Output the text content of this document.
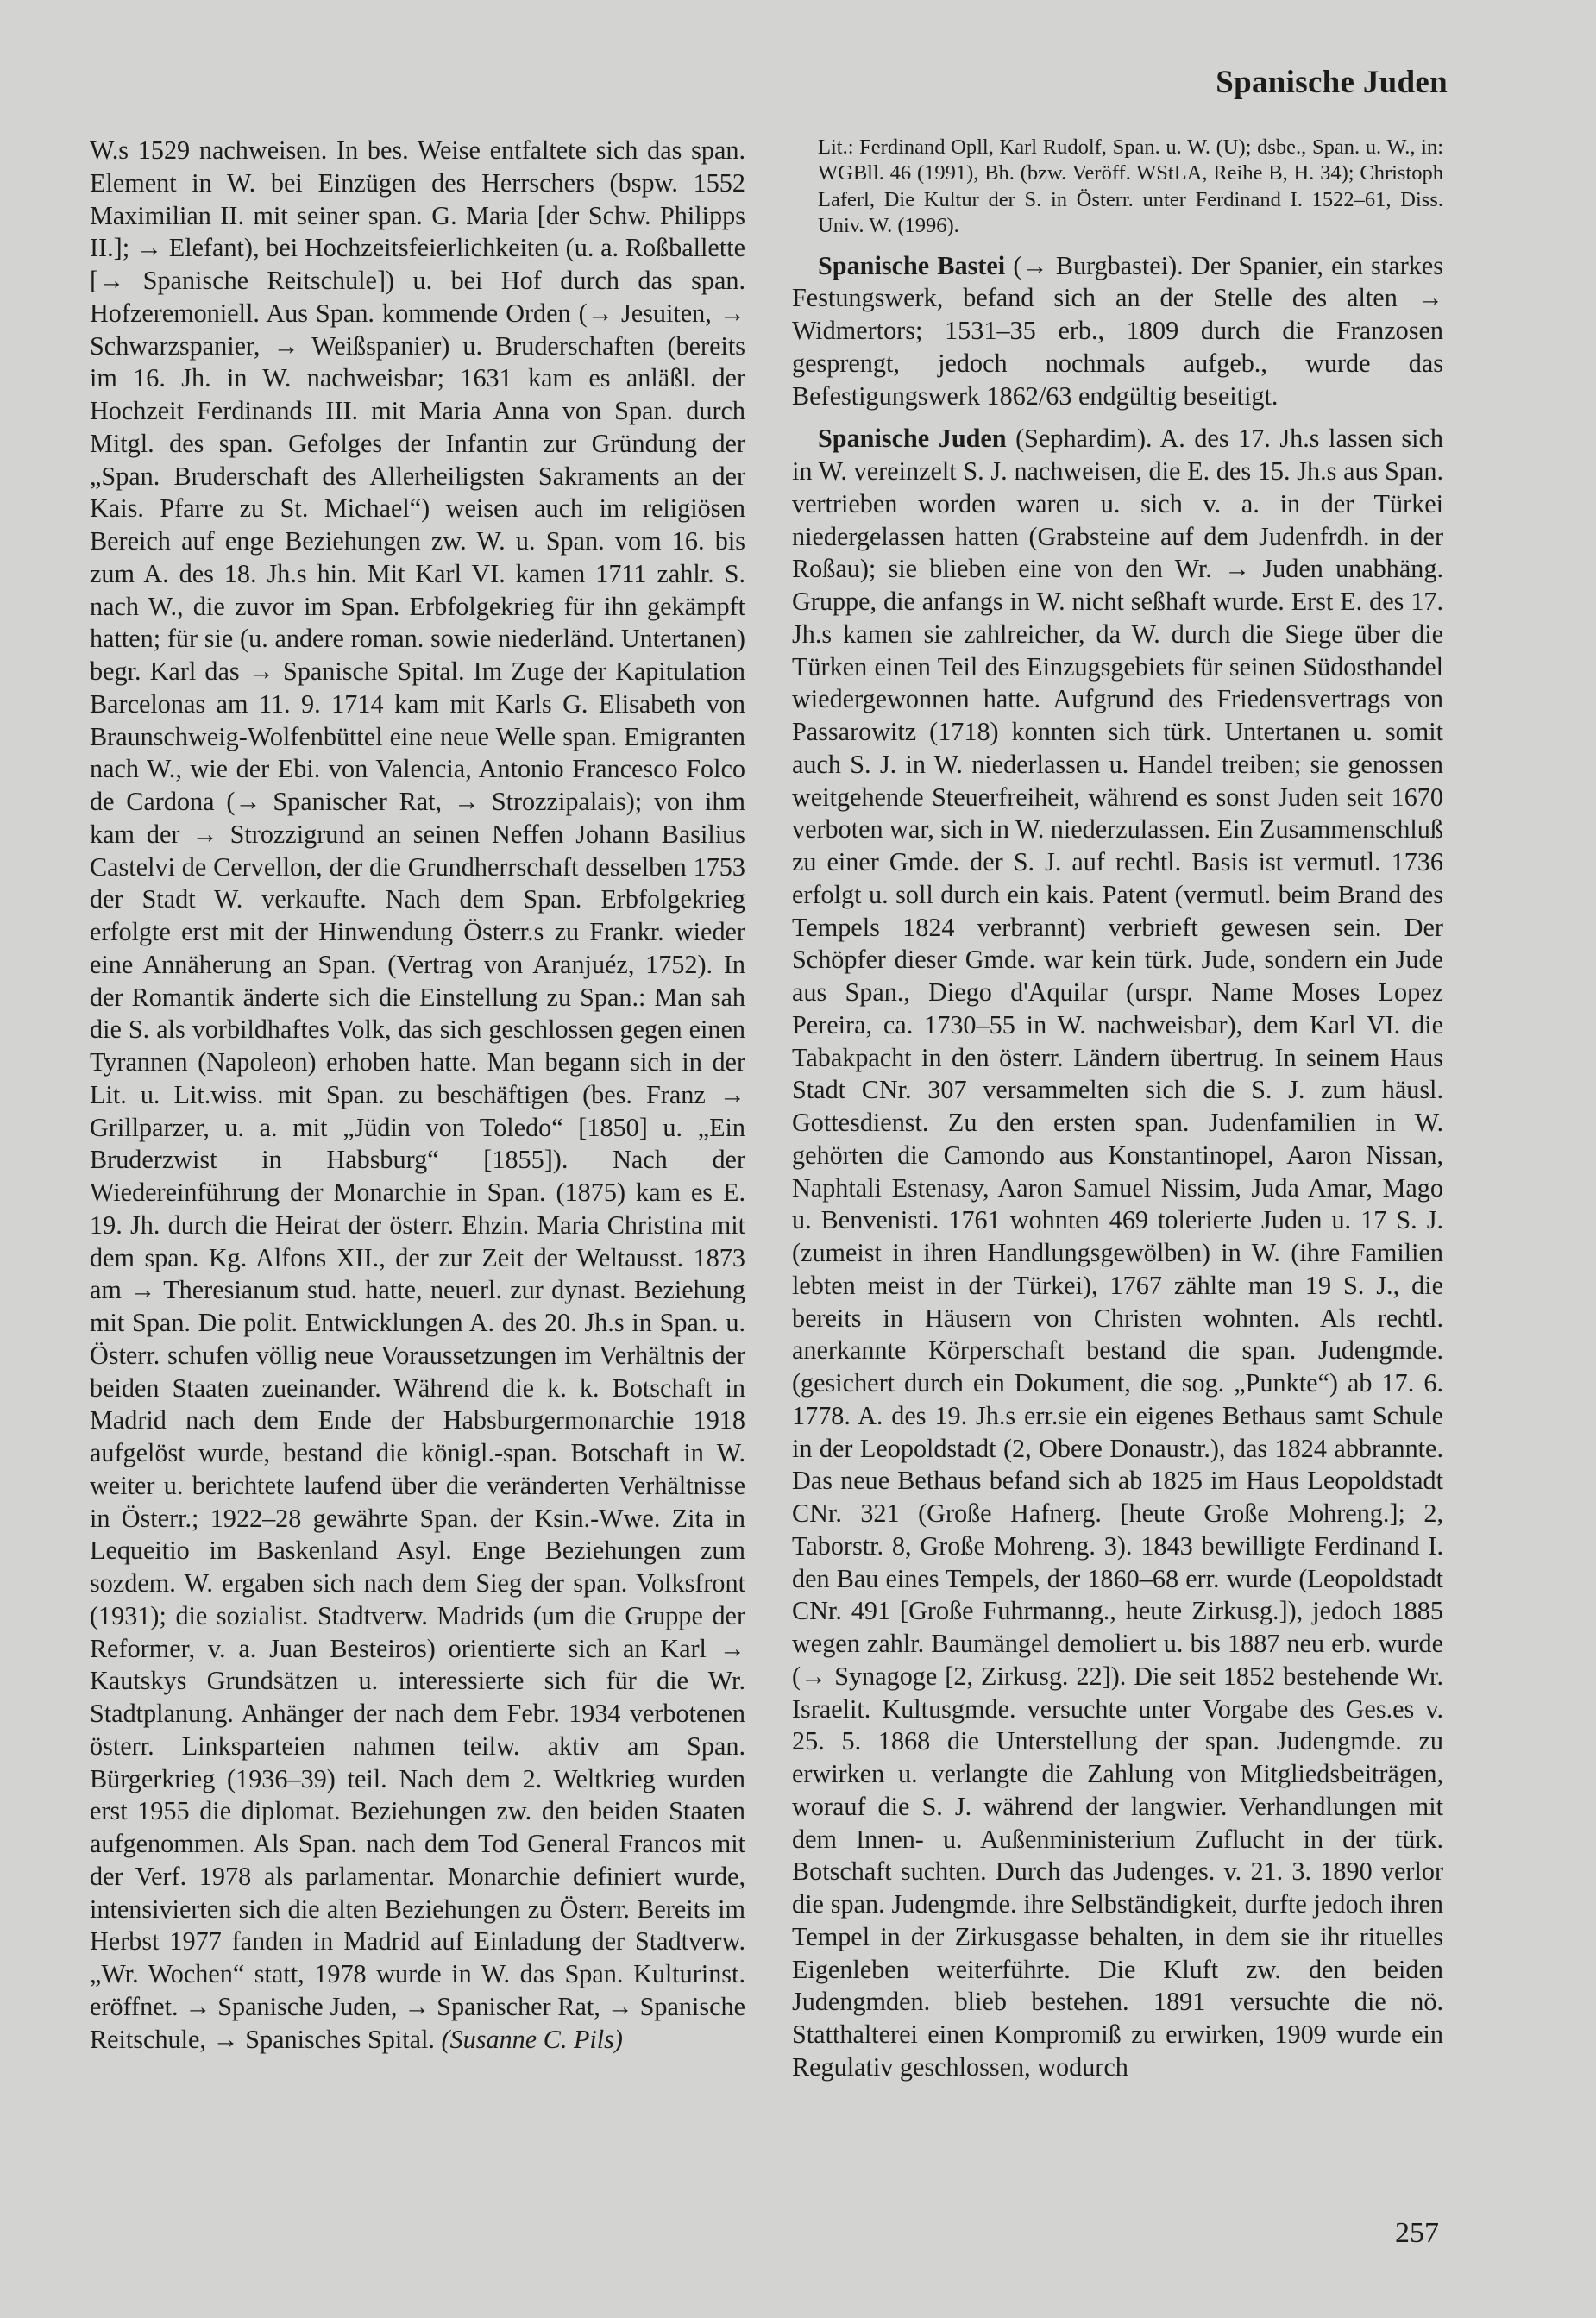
Spanische Juden

W.s 1529 nachweisen. In bes. Weise entfaltete sich das span. Element in W. bei Einzügen des Herrschers (bspw. 1552 Maximilian II. mit seiner span. G. Maria [der Schw. Philipps II.]; → Elefant), bei Hochzeitsfeierlichkeiten (u. a. Roßballette [→ Spanische Reitschule]) u. bei Hof durch das span. Hofzeremoniell. Aus Span. kommende Orden (→ Jesuiten, → Schwarzspanier, → Weißspanier) u. Bruderschaften (bereits im 16. Jh. in W. nachweisbar; 1631 kam es anläßl. der Hochzeit Ferdinands III. mit Maria Anna von Span. durch Mitgl. des span. Gefolges der Infantin zur Gründung der „Span. Bruderschaft des Allerheiligsten Sakraments an der Kais. Pfarre zu St. Michael“) weisen auch im religiösen Bereich auf enge Beziehungen zw. W. u. Span. vom 16. bis zum A. des 18. Jh.s hin. Mit Karl VI. kamen 1711 zahlr. S. nach W., die zuvor im Span. Erbfolgekrieg für ihn gekämpft hatten; für sie (u. andere roman. sowie niederländ. Untertanen) begr. Karl das → Spanische Spital. Im Zuge der Kapitulation Barcelonas am 11. 9. 1714 kam mit Karls G. Elisabeth von Braunschweig-Wolfenbüttel eine neue Welle span. Emigranten nach W., wie der Ebi. von Valencia, Antonio Francesco Folco de Cardona (→ Spanischer Rat, → Strozzipalais); von ihm kam der → Strozzigrund an seinen Neffen Johann Basilius Castelvi de Cervellon, der die Grundherrschaft desselben 1753 der Stadt W. verkaufte. Nach dem Span. Erbfolgekrieg erfolgte erst mit der Hinwendung Österr.s zu Frankr. wieder eine Annäherung an Span. (Vertrag von Aranjuéz, 1752). In der Romantik änderte sich die Einstellung zu Span.: Man sah die S. als vorbildhaftes Volk, das sich geschlossen gegen einen Tyrannen (Napoleon) erhoben hatte. Man begann sich in der Lit. u. Lit.wiss. mit Span. zu beschäftigen (bes. Franz → Grillparzer, u. a. mit „Jüdin von Toledo“ [1850] u. „Ein Bruderzwist in Habsburg“ [1855]). Nach der Wiedereinführung der Monarchie in Span. (1875) kam es E. 19. Jh. durch die Heirat der österr. Ehzin. Maria Christina mit dem span. Kg. Alfons XII., der zur Zeit der Weltausst. 1873 am → Theresianum stud. hatte, neuerl. zur dynast. Beziehung mit Span. Die polit. Entwicklungen A. des 20. Jh.s in Span. u. Österr. schufen völlig neue Voraussetzungen im Verhältnis der beiden Staaten zueinander. Während die k. k. Botschaft in Madrid nach dem Ende der Habsburgermonarchie 1918 aufgelöst wurde, bestand die königl.-span. Botschaft in W. weiter u. berichtete laufend über die veränderten Verhältnisse in Österr.; 1922–28 gewährte Span. der Ksin.-Wwe. Zita in Lequeitio im Baskenland Asyl. Enge Beziehungen zum sozdem. W. ergaben sich nach dem Sieg der span. Volksfront (1931); die sozialist. Stadtverw. Madrids (um die Gruppe der Reformer, v. a. Juan Besteiros) orientierte sich an Karl → Kautskys Grundsätzen u. interessierte sich für die Wr. Stadtplanung. Anhänger der nach dem Febr. 1934 verbotenen österr. Linksparteien nahmen teilw. aktiv am Span. Bürgerkrieg (1936–39) teil. Nach dem 2. Weltkrieg wurden erst 1955 die diplomat. Beziehungen zw. den beiden Staaten aufgenommen. Als Span. nach dem Tod General Francos mit der Verf. 1978 als parlamentar. Monarchie definiert wurde, intensivierten sich die alten Beziehungen zu Österr. Bereits im Herbst 1977 fanden in Madrid auf Einladung der Stadtverw. „Wr. Wochen“ statt, 1978 wurde in W. das Span. Kulturinst. eröffnet. → Spanische Juden, → Spanischer Rat, → Spanische Reitschule, → Spanisches Spital. (Susanne C. Pils)

Lit.: Ferdinand Opll, Karl Rudolf, Span. u. W. (U); dsbe., Span. u. W., in: WGBll. 46 (1991), Bh. (bzw. Veröff. WStLA, Reihe B, H. 34); Christoph Laferl, Die Kultur der S. in Österr. unter Ferdinand I. 1522–61, Diss. Univ. W. (1996).

Spanische Bastei (→ Burgbastei). Der Spanier, ein starkes Festungswerk, befand sich an der Stelle des alten → Widmertors; 1531–35 erb., 1809 durch die Franzosen gesprengt, jedoch nochmals aufgeb., wurde das Befestigungswerk 1862/63 endgültig beseitigt.

Spanische Juden (Sephardim). A. des 17. Jh.s lassen sich in W. vereinzelt S. J. nachweisen, die E. des 15. Jh.s aus Span. vertrieben worden waren u. sich v. a. in der Türkei niedergelassen hatten (Grabsteine auf dem Judenfrdh. in der Roßau); sie blieben eine von den Wr. → Juden unabhäng. Gruppe, die anfangs in W. nicht seßhaft wurde. Erst E. des 17. Jh.s kamen sie zahlreicher, da W. durch die Siege über die Türken einen Teil des Einzugsgebiets für seinen Südosthandel wiedergewonnen hatte. Aufgrund des Friedensvertrags von Passarowitz (1718) konnten sich türk. Untertanen u. somit auch S. J. in W. niederlassen u. Handel treiben; sie genossen weitgehende Steuerfreiheit, während es sonst Juden seit 1670 verboten war, sich in W. niederzulassen. Ein Zusammenschluß zu einer Gmde. der S. J. auf rechtl. Basis ist vermutl. 1736 erfolgt u. soll durch ein kais. Patent (vermutl. beim Brand des Tempels 1824 verbrannt) verbrieft gewesen sein. Der Schöpfer dieser Gmde. war kein türk. Jude, sondern ein Jude aus Span., Diego d'Aquilar (urspr. Name Moses Lopez Pereira, ca. 1730–55 in W. nachweisbar), dem Karl VI. die Tabakpacht in den österr. Ländern übertrug. In seinem Haus Stadt CNr. 307 versammelten sich die S. J. zum häusl. Gottesdienst. Zu den ersten span. Judenfamilien in W. gehörten die Camondo aus Konstantinopel, Aaron Nissan, Naphtali Estenasy, Aaron Samuel Nissim, Juda Amar, Mago u. Benvenisti. 1761 wohnten 469 tolerierte Juden u. 17 S. J. (zumeist in ihren Handlungsgewölben) in W. (ihre Familien lebten meist in der Türkei), 1767 zählte man 19 S. J., die bereits in Häusern von Christen wohnten. Als rechtl. anerkannte Körperschaft bestand die span. Judengmde. (gesichert durch ein Dokument, die sog. „Punkte“) ab 17. 6. 1778. A. des 19. Jh.s err.sie ein eigenes Bethaus samt Schule in der Leopoldstadt (2, Obere Donaustr.), das 1824 abbrannte. Das neue Bethaus befand sich ab 1825 im Haus Leopoldstadt CNr. 321 (Große Hafnerg. [heute Große Mohreng.]; 2, Taborstr. 8, Große Mohreng. 3). 1843 bewilligte Ferdinand I. den Bau eines Tempels, der 1860–68 err. wurde (Leopoldstadt CNr. 491 [Große Fuhrmanng., heute Zirkusg.]), jedoch 1885 wegen zahlr. Baumängel demoliert u. bis 1887 neu erb. wurde (→ Synagoge [2, Zirkusg. 22]). Die seit 1852 bestehende Wr. Israelit. Kultusgmde. versuchte unter Vorgabe des Ges.es v. 25. 5. 1868 die Unterstellung der span. Judengmde. zu erwirken u. verlangte die Zahlung von Mitgliedsbeiträgen, worauf die S. J. während der langwier. Verhandlungen mit dem Innen- u. Außenministerium Zuflucht in der türk. Botschaft suchten. Durch das Judenges. v. 21. 3. 1890 verlor die span. Judengmde. ihre Selbständigkeit, durfte jedoch ihren Tempel in der Zirkusgasse behalten, in dem sie ihr rituelles Eigenleben weiterführte. Die Kluft zw. den beiden Judengmden. blieb bestehen. 1891 versuchte die nö. Statthalterei einen Kompromiß zu erwirken, 1909 wurde ein Regulativ geschlossen, wodurch

257
